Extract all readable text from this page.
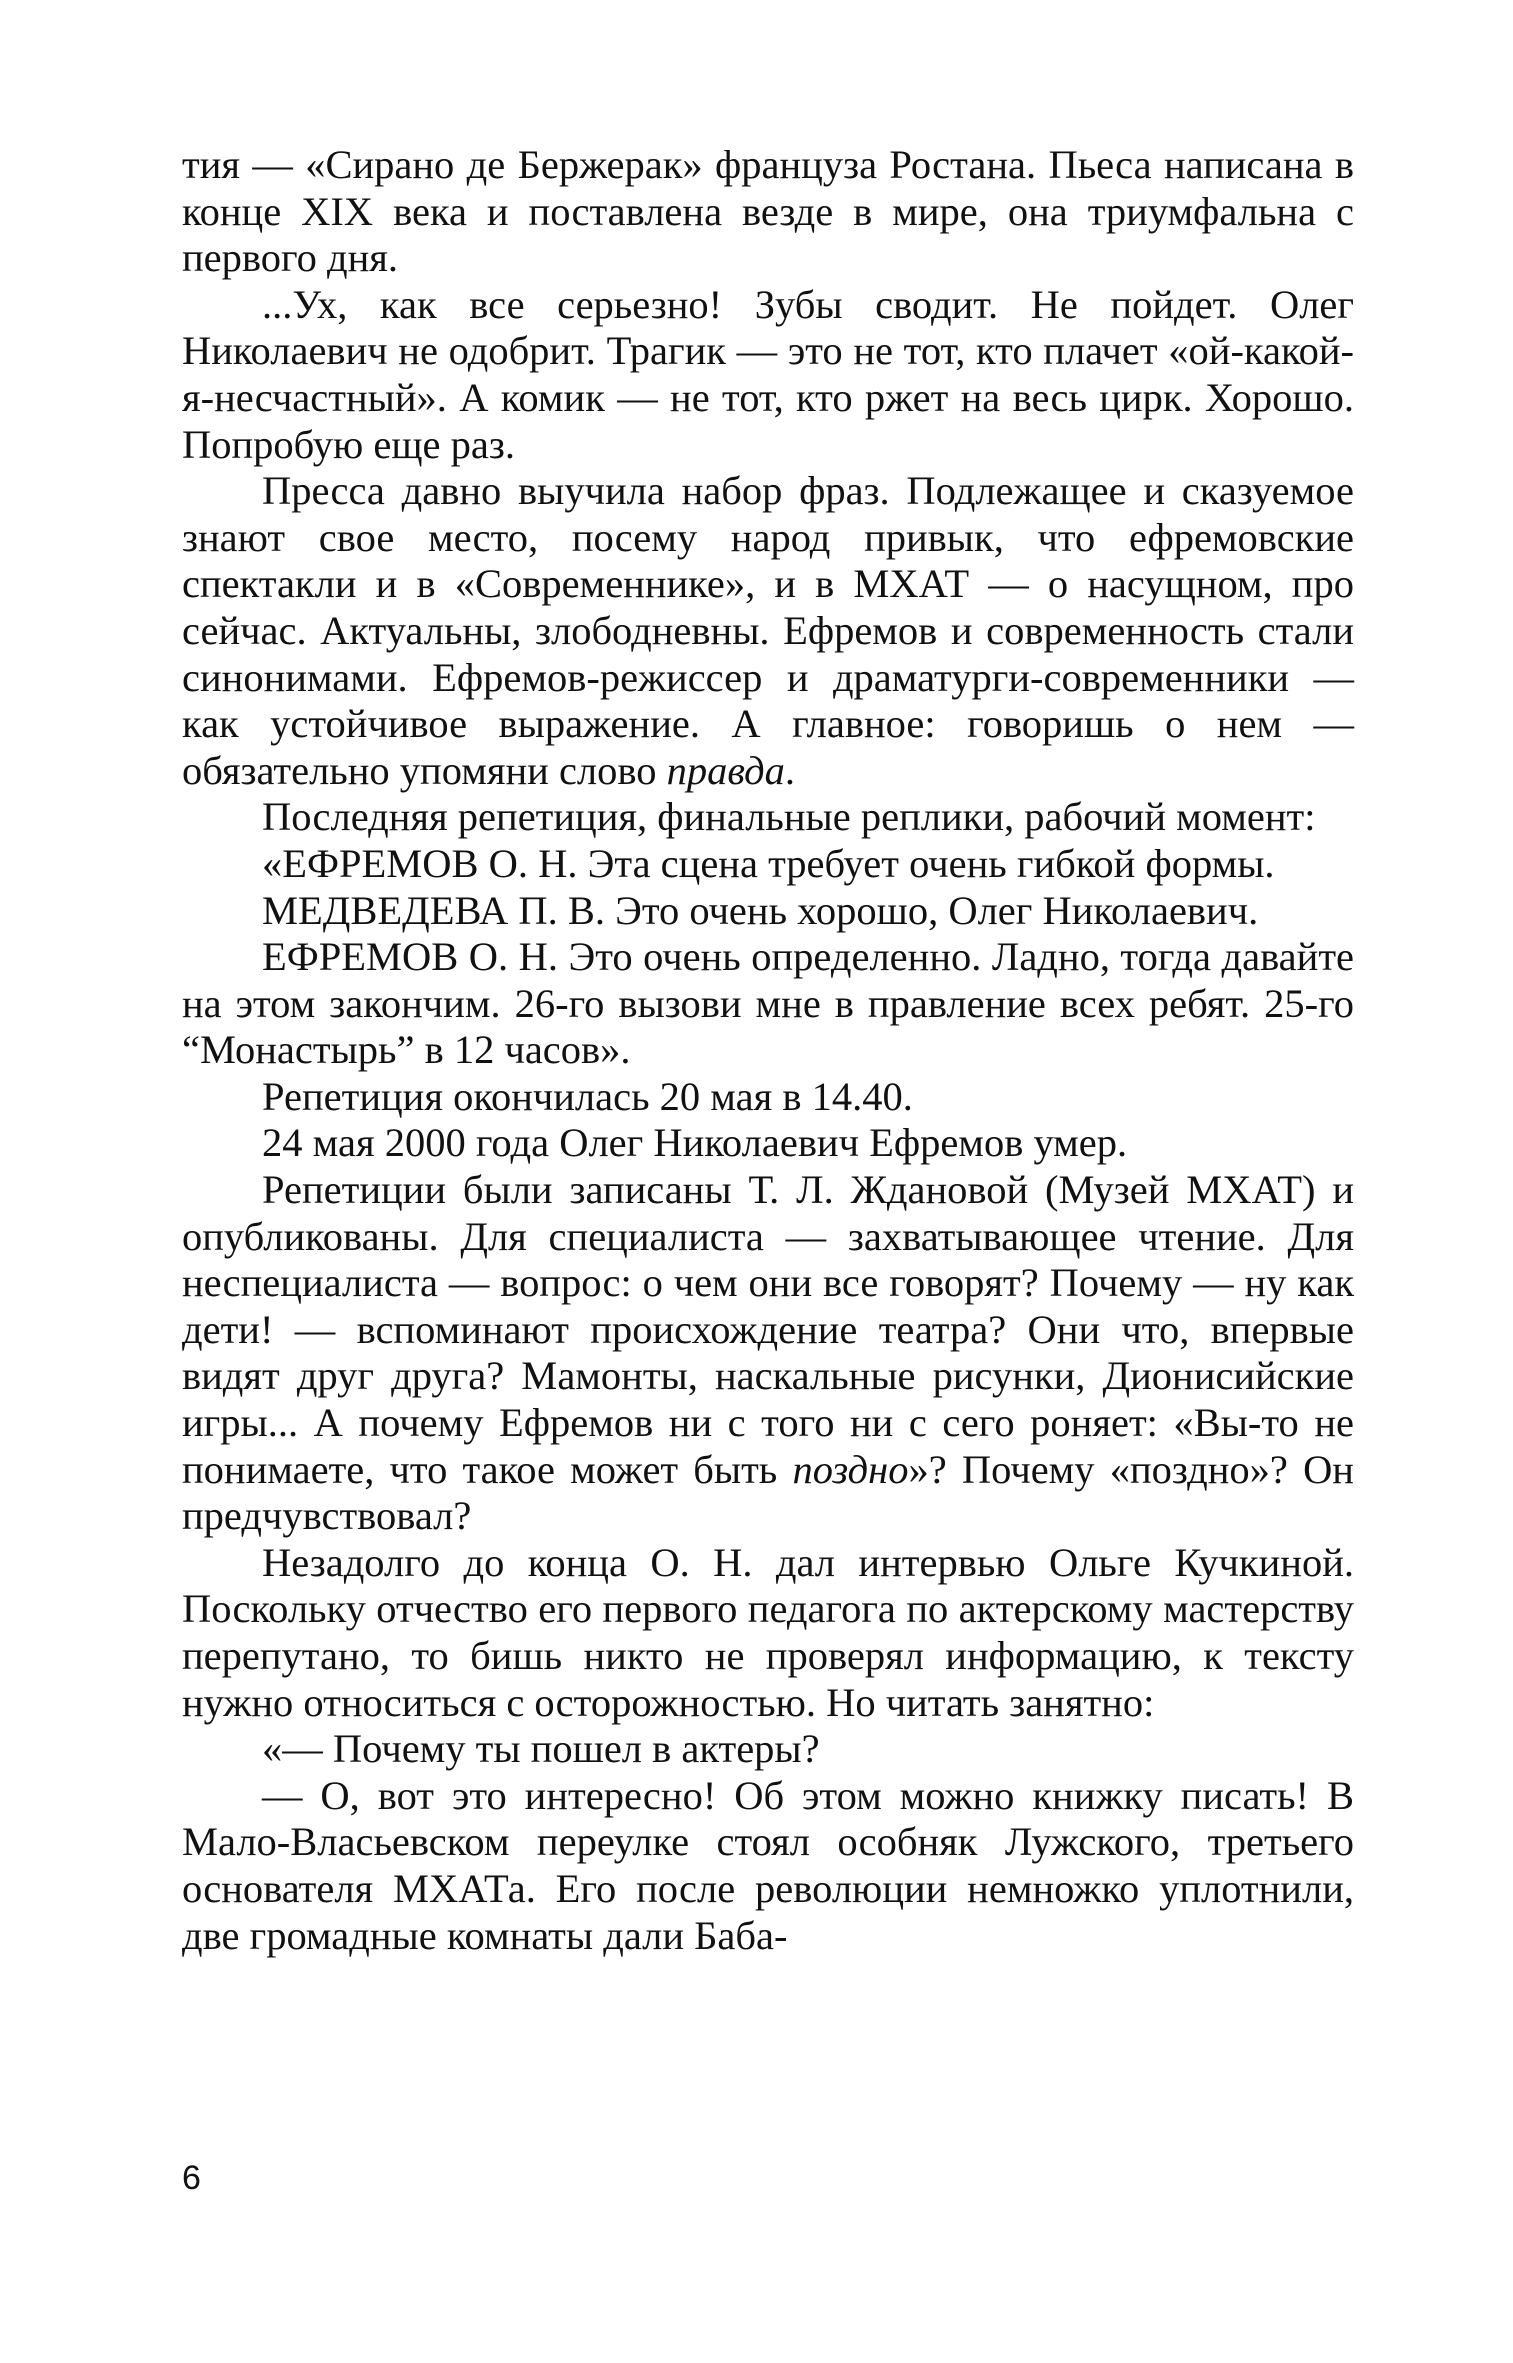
тия — «Сирано де Бержерак» француза Ростана. Пьеса написана в конце XIX века и поставлена везде в мире, она триумфальна с первого дня.

...Ух, как все серьезно! Зубы сводит. Не пойдет. Олег Николаевич не одобрит. Трагик — это не тот, кто плачет «ой-какой-я-несчастный». А комик — не тот, кто ржет на весь цирк. Хорошо. Попробую еще раз.

Пресса давно выучила набор фраз. Подлежащее и сказуемое знают свое место, посему народ привык, что ефремовские спектакли и в «Современнике», и в МХАТ — о насущном, про сейчас. Актуальны, злободневны. Ефремов и современность стали синонимами. Ефремов-режиссер и драматурги-современники — как устойчивое выражение. А главное: говоришь о нем — обязательно упомяни слово правда.

Последняя репетиция, финальные реплики, рабочий момент:

«ЕФРЕМОВ О. Н. Эта сцена требует очень гибкой формы.

МЕДВЕДЕВА П. В. Это очень хорошо, Олег Николаевич.

ЕФРЕМОВ О. Н. Это очень определенно. Ладно, тогда давайте на этом закончим. 26-го вызови мне в правление всех ребят. 25-го “Монастырь” в 12 часов».

Репетиция окончилась 20 мая в 14.40.

24 мая 2000 года Олег Николаевич Ефремов умер.

Репетиции были записаны Т. Л. Ждановой (Музей МХАТ) и опубликованы. Для специалиста — захватывающее чтение. Для неспециалиста — вопрос: о чем они все говорят? Почему — ну как дети! — вспоминают происхождение театра? Они что, впервые видят друг друга? Мамонты, наскальные рисунки, Дионисийские игры... А почему Ефремов ни с того ни с сего роняет: «Вы-то не понимаете, что такое может быть поздно»? Почему «поздно»? Он предчувствовал?

Незадолго до конца О. Н. дал интервью Ольге Кучкиной. Поскольку отчество его первого педагога по актерскому мастерству перепутано, то бишь никто не проверял информацию, к тексту нужно относиться с осторожностью. Но читать занятно:

«— Почему ты пошел в актеры?

— О, вот это интересно! Об этом можно книжку писать! В Мало-Власьевском переулке стоял особняк Лужского, третьего основателя МХАТа. Его после революции немножко уплотнили, две громадные комнаты дали Баба-

6
